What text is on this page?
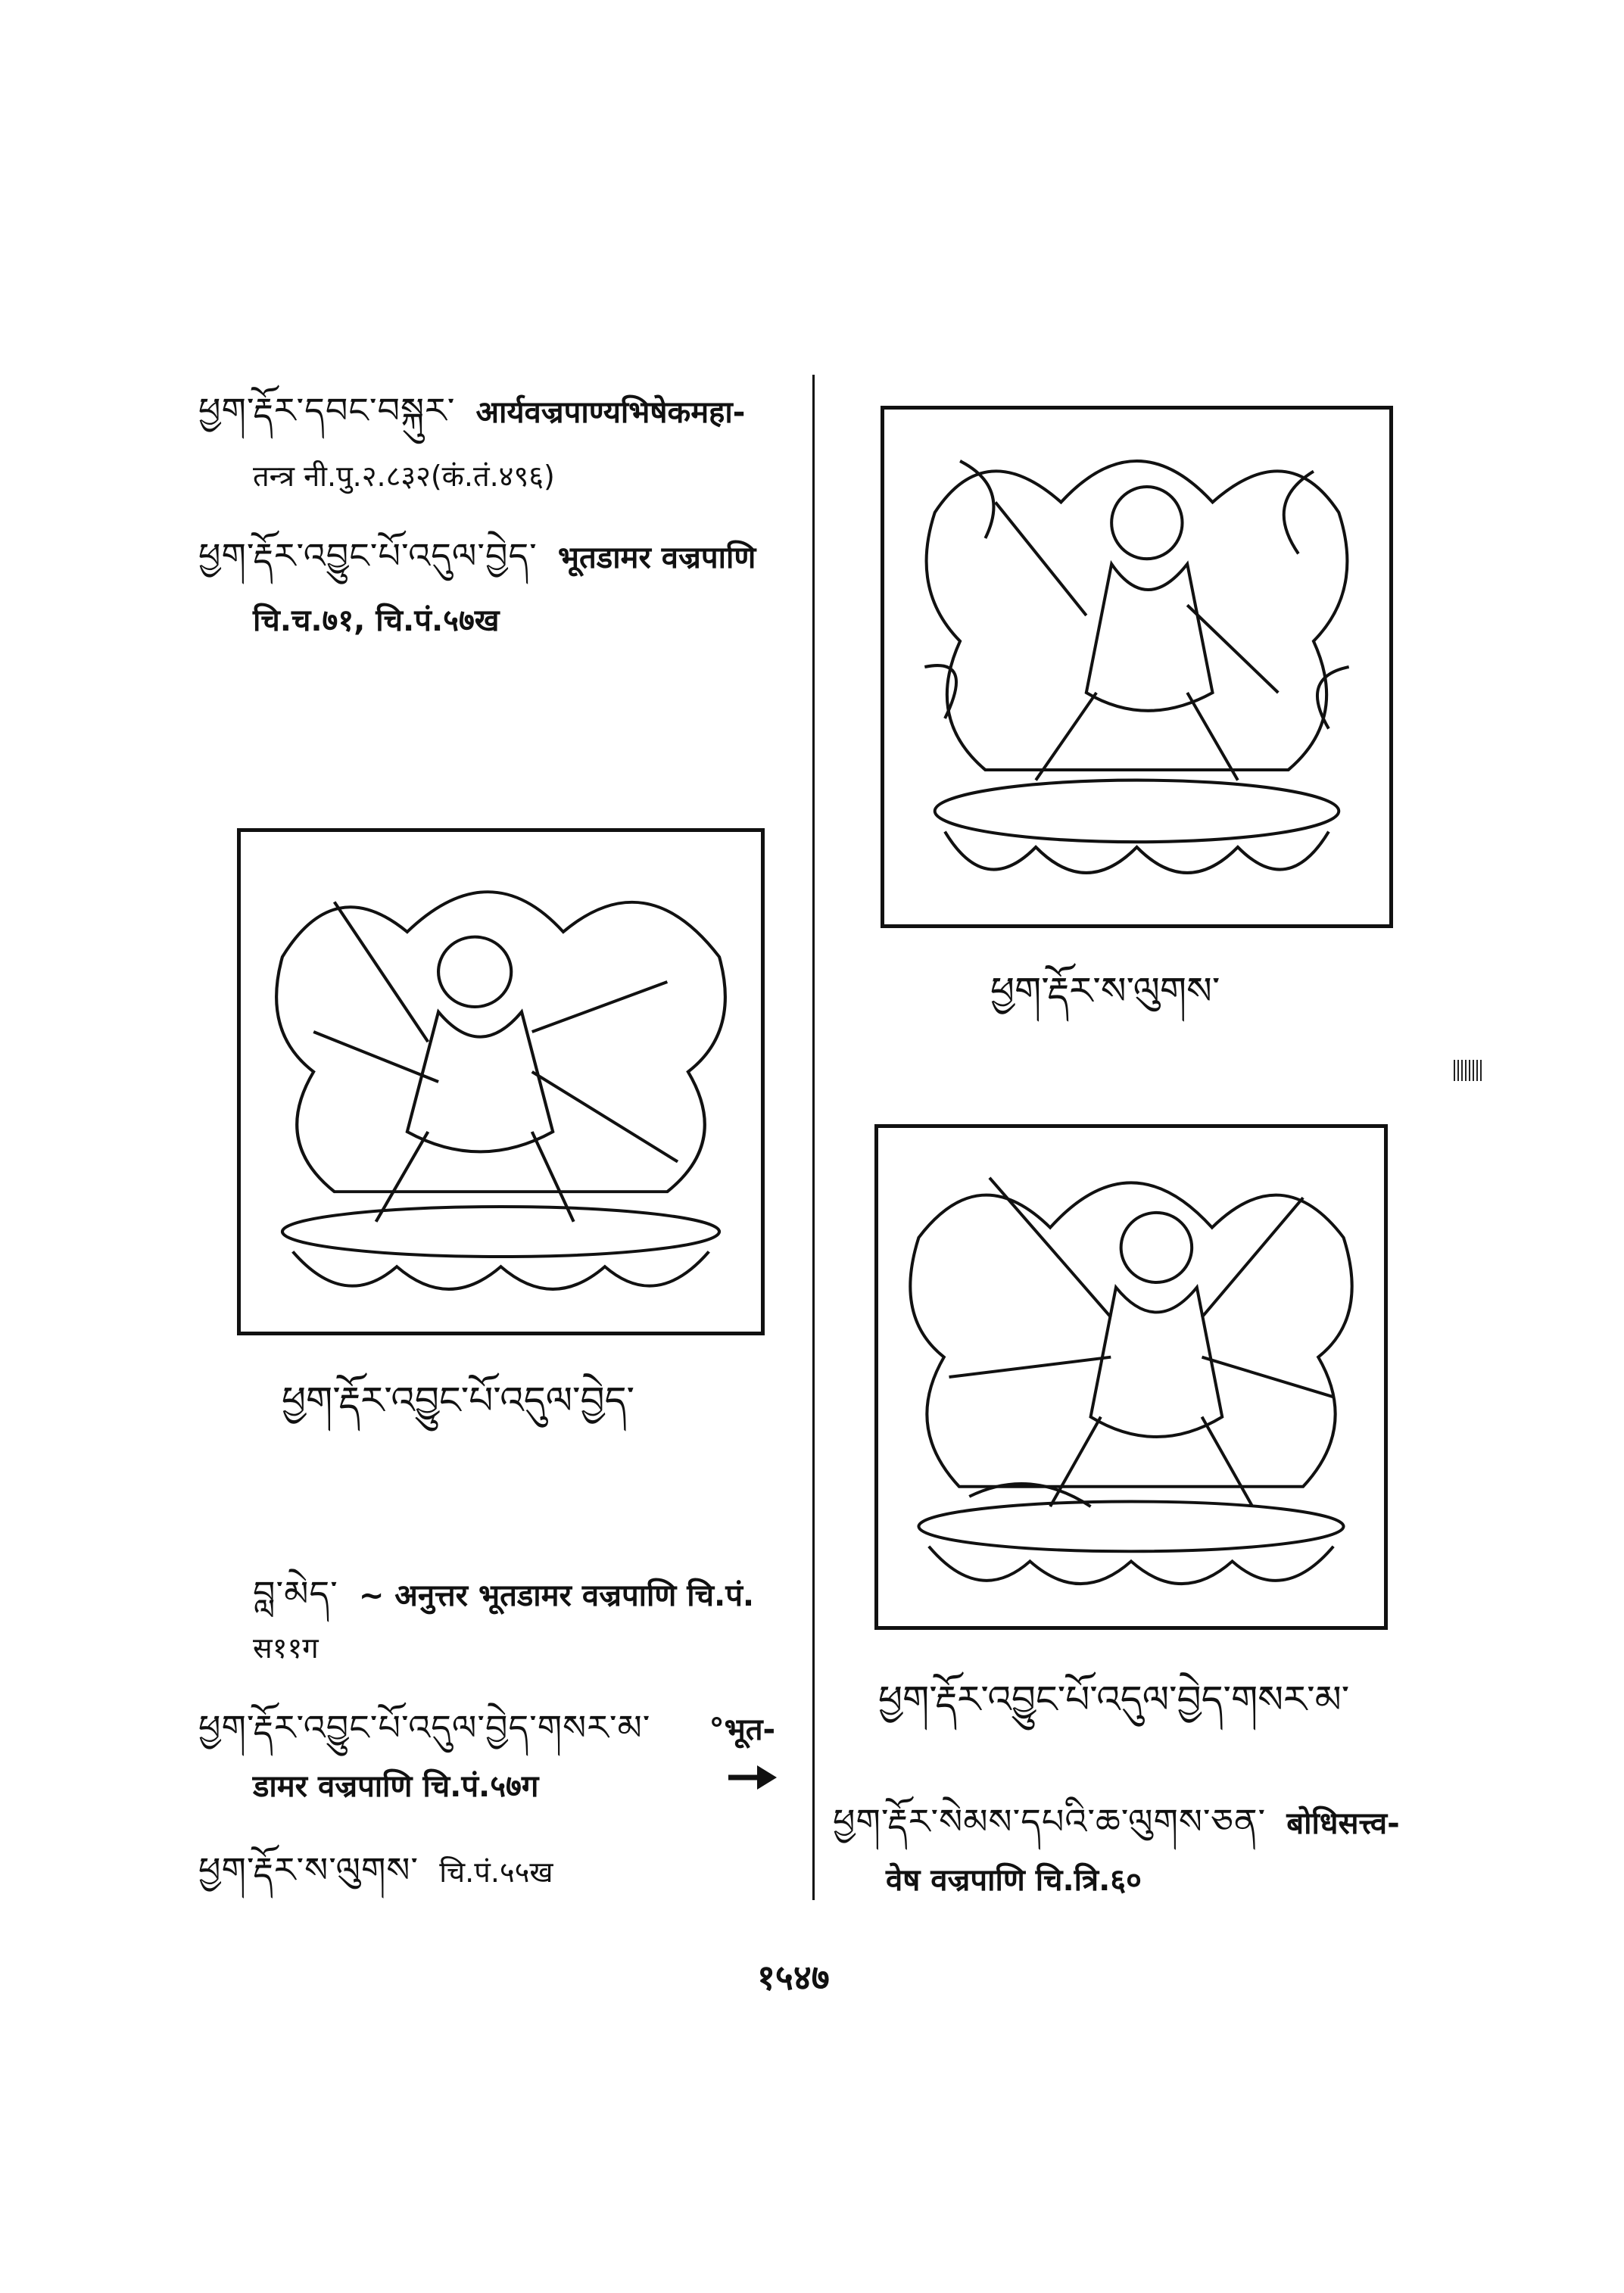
ཕྱག་རྡོར་དབང་བསྐུར་ आर्यवज्रपाण्यभिषेकमहा-
तन्त्र नी.पु.२.८३२(कं.तं.४९६)
ཕྱག་རྡོར་འབྱུང་པོ་འདུལ་བྱེད་ भूतडामर वज्रपाणि
चि.च.७१, चि.पं.५७ख
ཕྱག་རྡོར་ས་ལུགས་
ཕྱག་རྡོར་འབྱུང་པོ་འདུལ་བྱེད་
ཕྱག་རྡོར་འབྱུང་པོ་འདུལ་བྱེད་གསར་མ་
བླ་མེད་ ~ अनुत्तर भूतडामर वज्रपाणि चि.पं.
स११ग
ཕྱག་རྡོར་འབྱུང་པོ་འདུལ་བྱེད་གསར་མ་ °भूत-
डामर वज्रपाणि चि.पं.५७ग
ཕྱག་རྡོར་ས་ལུགས་ चि.पं.५५ख
ཕྱག་རྡོར་སེམས་དཔའི་ཆ་ལུགས་ཅན་ बोधिसत्त्व-
वेष वज्रपाणि चि.त्रि.६०
१५४७
